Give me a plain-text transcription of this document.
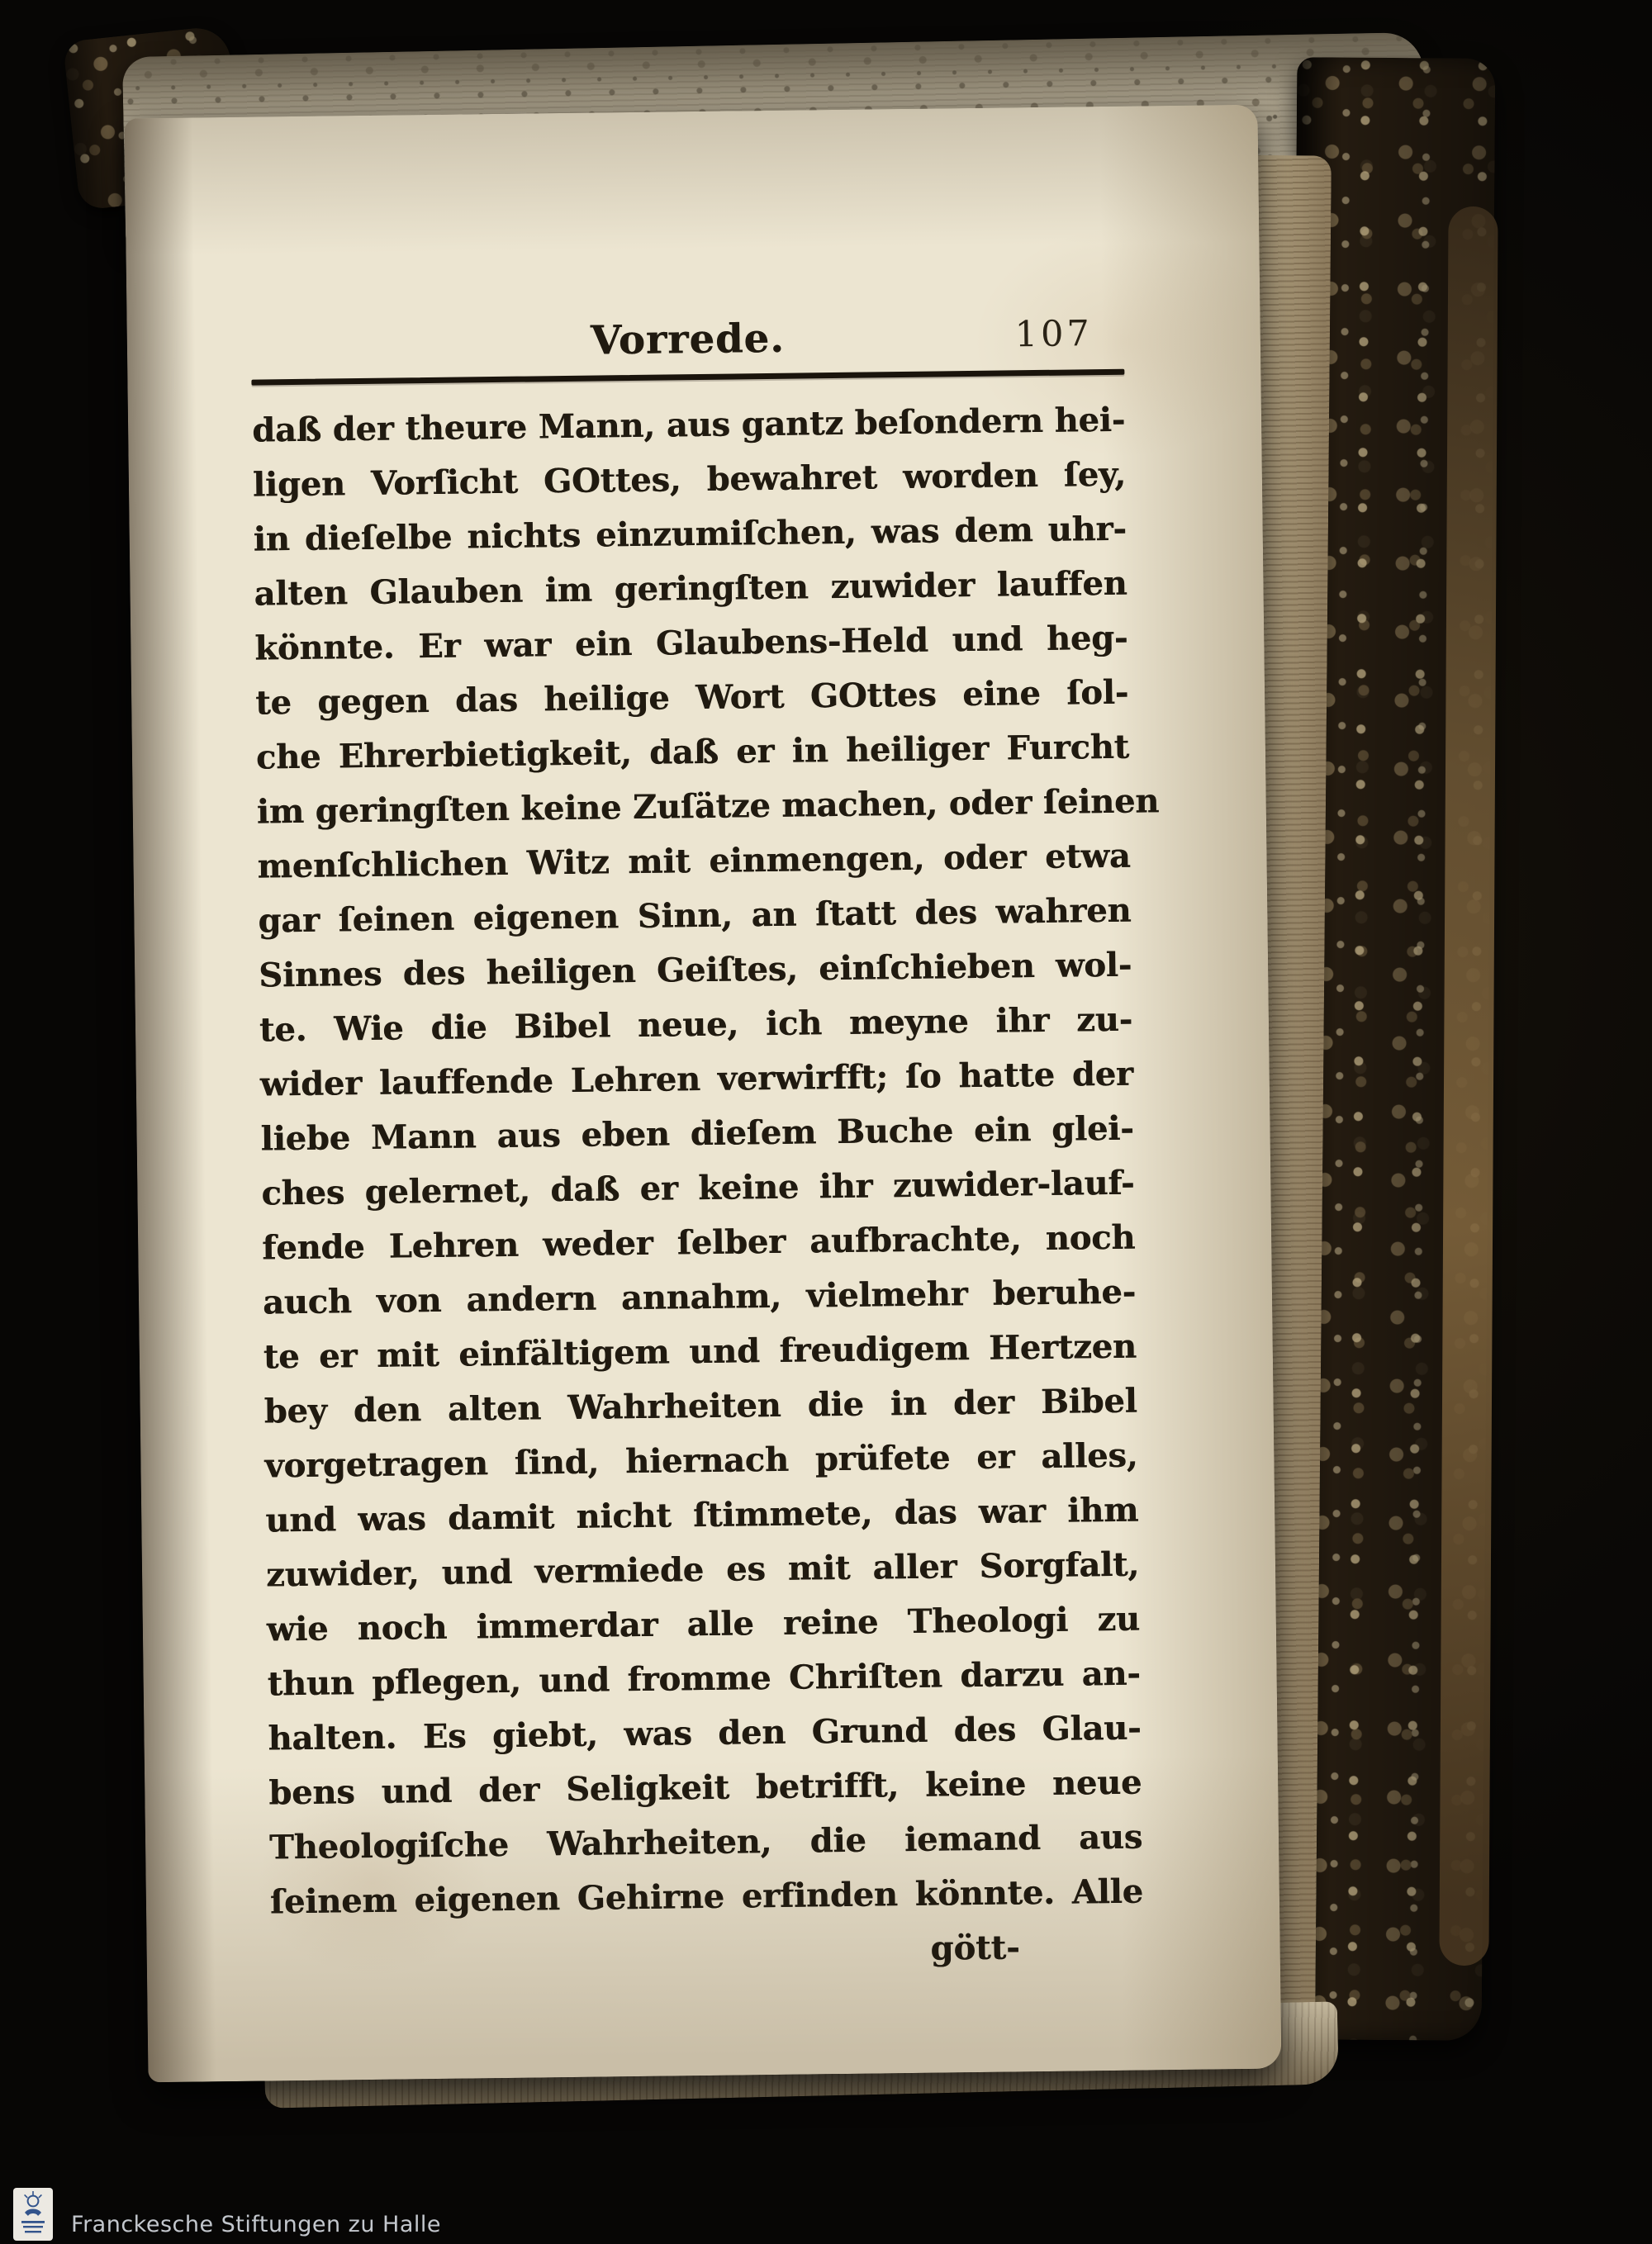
Vorrede.	107
daß der theure Mann, aus gantz beſondern hei-
ligen Vorſicht GOttes, bewahret worden ſey,
in dieſelbe nichts einzumiſchen, was dem uhr-
alten Glauben im geringſten zuwider lauffen
könnte. Er war ein Glaubens-Held und heg-
te gegen das heilige Wort GOttes eine ſol-
che Ehrerbietigkeit, daß er in heiliger Furcht
im geringſten keine Zuſätze machen, oder ſeinen
menſchlichen Witz mit einmengen, oder etwa
gar ſeinen eigenen Sinn, an ſtatt des wahren
Sinnes des heiligen Geiſtes, einſchieben wol-
te. Wie die Bibel neue, ich meyne ihr zu-
wider lauffende Lehren verwirfft; ſo hatte der
liebe Mann aus eben dieſem Buche ein glei-
ches gelernet, daß er keine ihr zuwider-lauf-
fende Lehren weder ſelber aufbrachte, noch
auch von andern annahm, vielmehr beruhe-
te er mit einfältigem und freudigem Hertzen
bey den alten Wahrheiten die in der Bibel
vorgetragen ſind, hiernach prüfete er alles,
und was damit nicht ſtimmete, das war ihm
zuwider, und vermiede es mit aller Sorgfalt,
wie noch immerdar alle reine Theologi zu
thun pflegen, und fromme Chriſten darzu an-
halten. Es giebt, was den Grund des Glau-
bens und der Seligkeit betrifft, keine neue
Theologiſche Wahrheiten, die iemand aus
ſeinem eigenen Gehirne erfinden könnte. Alle
gött-
Franckesche Stiftungen zu Halle
